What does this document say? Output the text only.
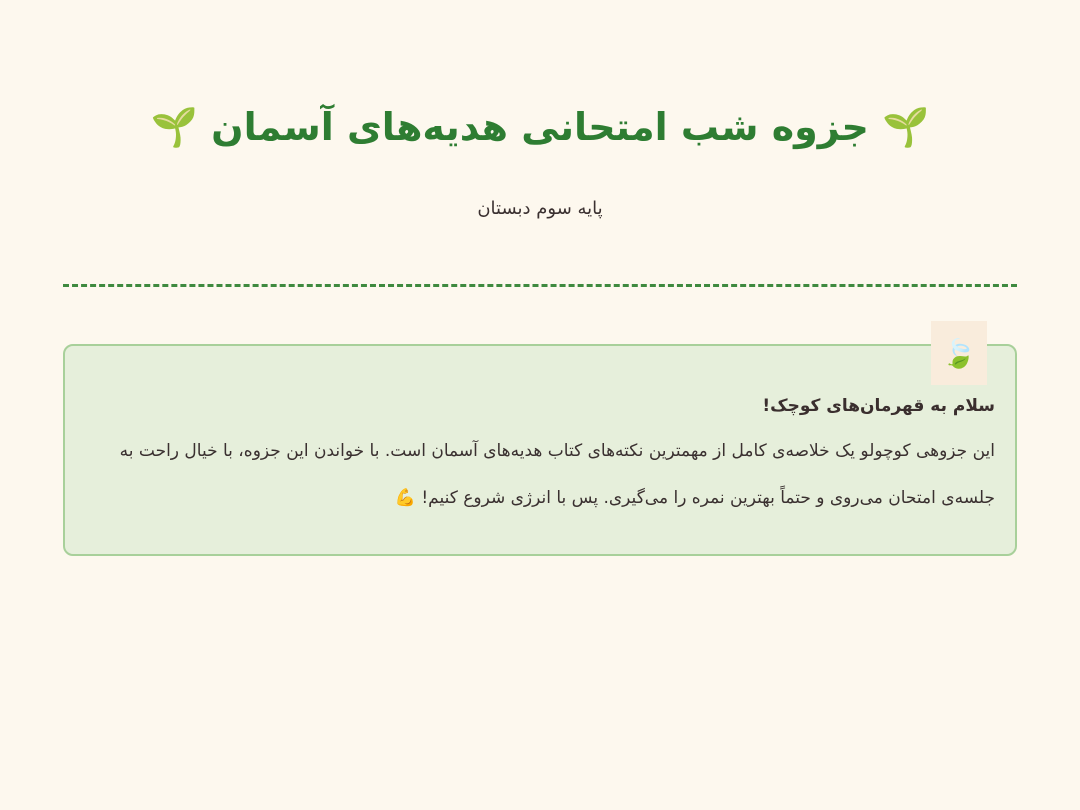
🌱 جزوه شب امتحانی هدیه‌های آسمان 🌱
پایه سوم دبستان
سلام به قهرمان‌های کوچک!
این جزوهی کوچولو یک خلاصه‌ی کامل از مهمترین نکته‌های کتاب هدیه‌های آسمان است. با خواندن این جزوه، با خیال راحت به جلسه‌ی امتحان می‌روی و حتماً بهترین نمره را می‌گیری. پس با انرژی شروع کنیم! 💪
🍃
